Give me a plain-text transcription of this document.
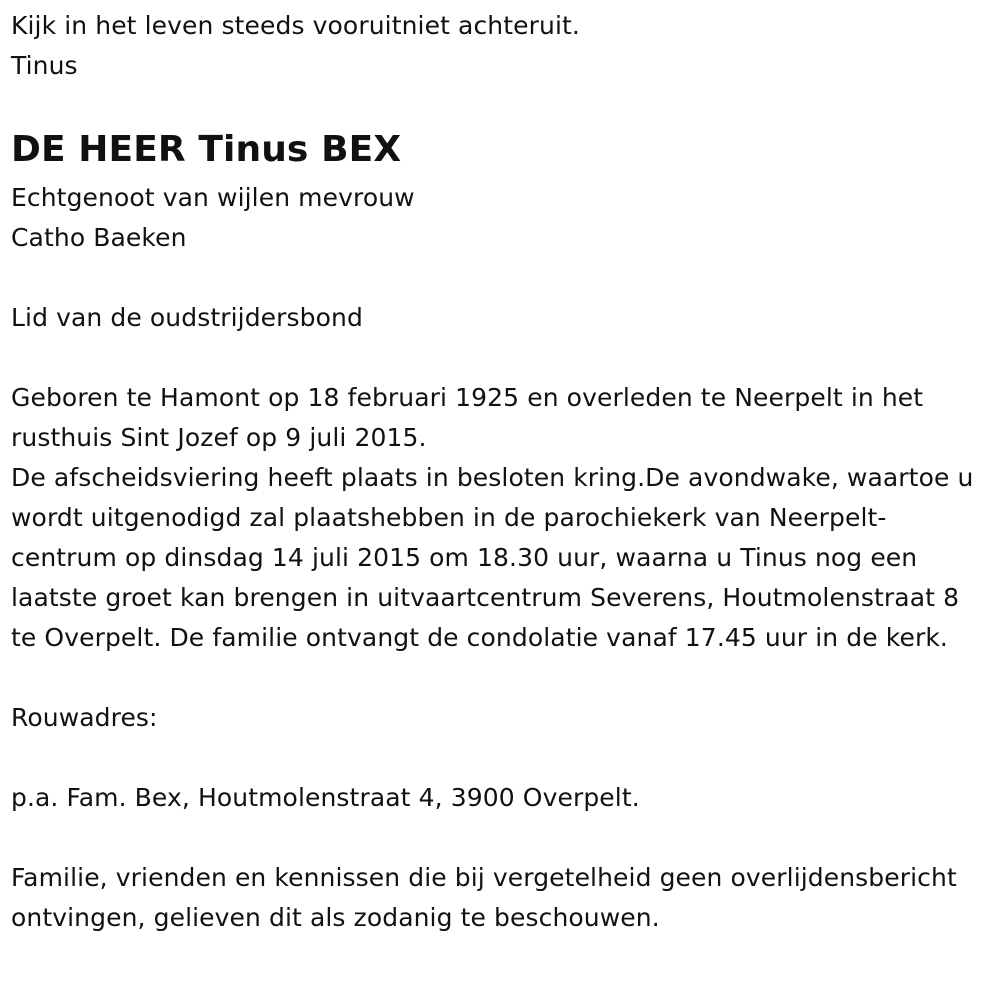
Kijk in het leven steeds vooruitniet achteruit.
Tinus
DE HEER Tinus BEX
Echtgenoot van wijlen mevrouw
Catho Baeken
Lid van de oudstrijdersbond
Geboren te Hamont op 18 februari 1925 en overleden te Neerpelt in het rusthuis Sint Jozef op 9 juli 2015.
De afscheidsviering heeft plaats in besloten kring.De avondwake, waartoe u wordt uitgenodigd zal plaatshebben in de parochiekerk van Neerpelt-centrum op dinsdag 14 juli 2015 om 18.30 uur, waarna u Tinus nog een laatste groet kan brengen in uitvaartcentrum Severens, Houtmolenstraat 8 te Overpelt. De familie ontvangt de condolatie vanaf 17.45 uur in de kerk.
Rouwadres:
p.a. Fam. Bex, Houtmolenstraat 4, 3900 Overpelt.
Familie, vrienden en kennissen die bij vergetelheid geen overlijdensbericht ontvingen, gelieven dit als zodanig te beschouwen.
